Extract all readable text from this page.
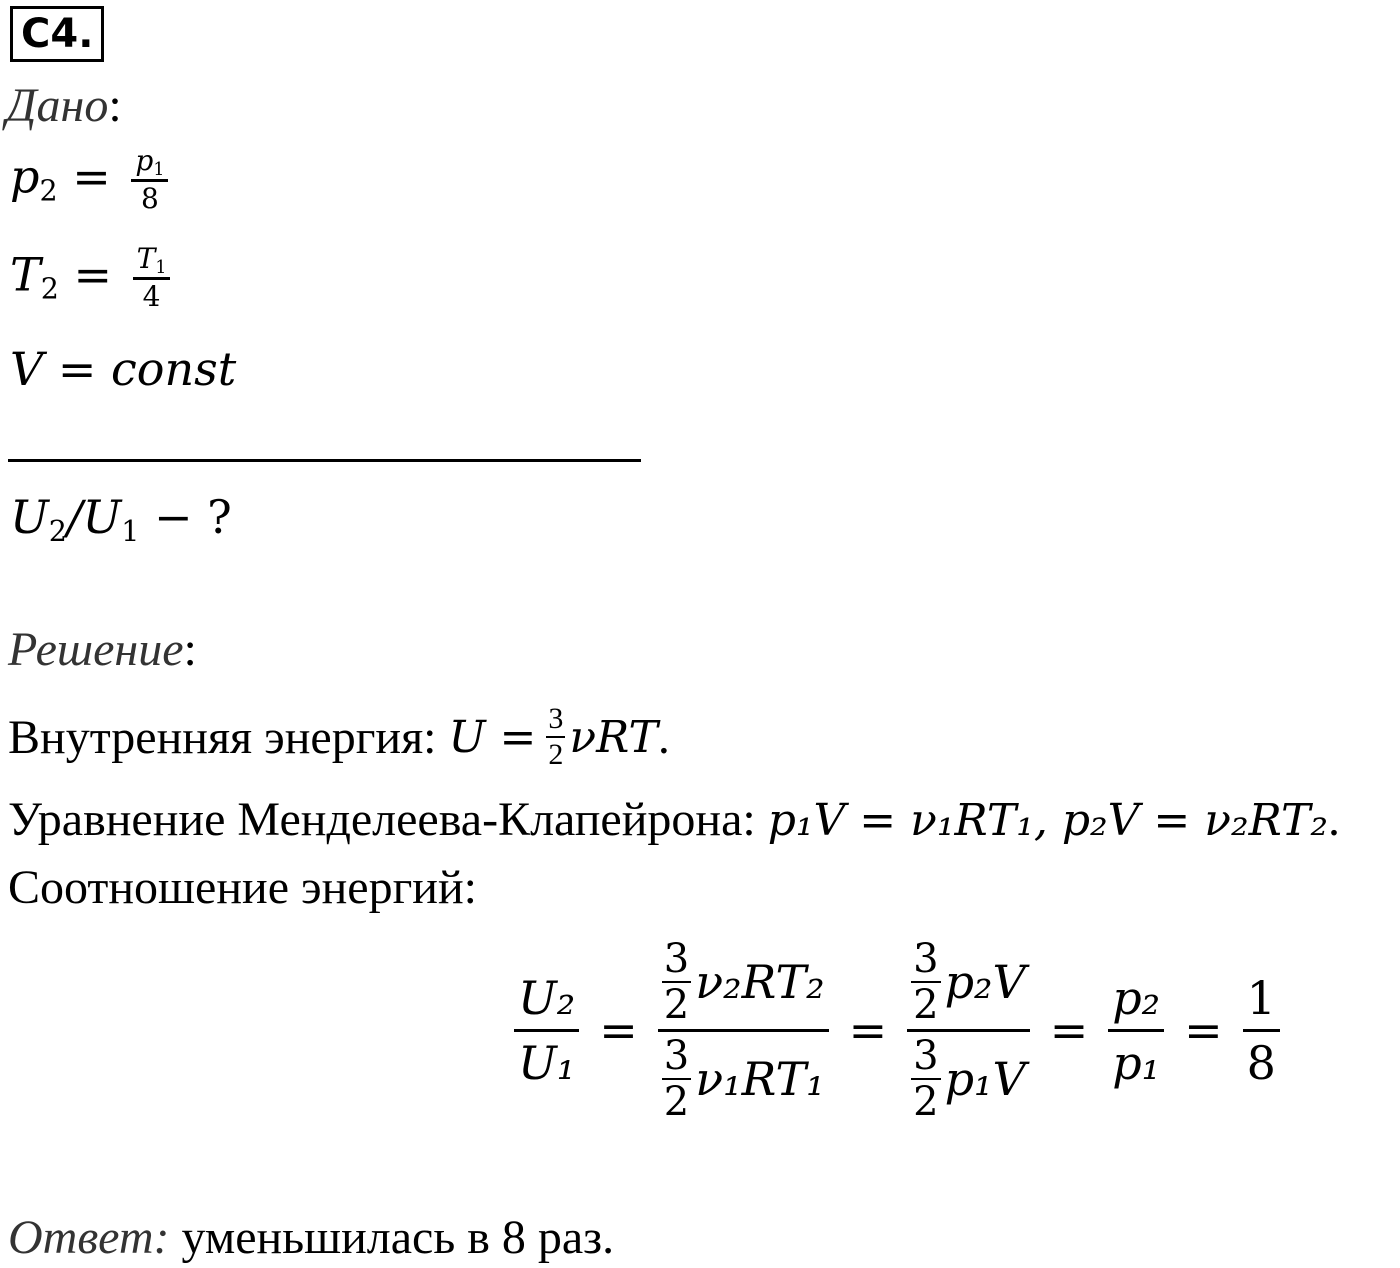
C4.
Дано:
$p_2 = \frac{p_1}{8}$
$T_2 = \frac{T_1}{4}$
V = const
$U_2/U_1$ − ?
Решение:
Внутренняя энергия: $U = \frac{3}{2}$ νRT .
Уравнение Менделеева-Клапейрона: p₁V = ν₁RT₁, p₂V = ν₂RT₂.
Соотношение энергий:
$\frac{\text{U₂}}{\text{U₁}} = 3$
2 ν₂RT₂
3
2 ν₁RT₁ = 3
2 p₂V
3
2 $p_1V = \frac{\text{p₂}}{\text{p₁}} = \frac{1}{8}$
Ответ: уменьшилась в 8 раз.
